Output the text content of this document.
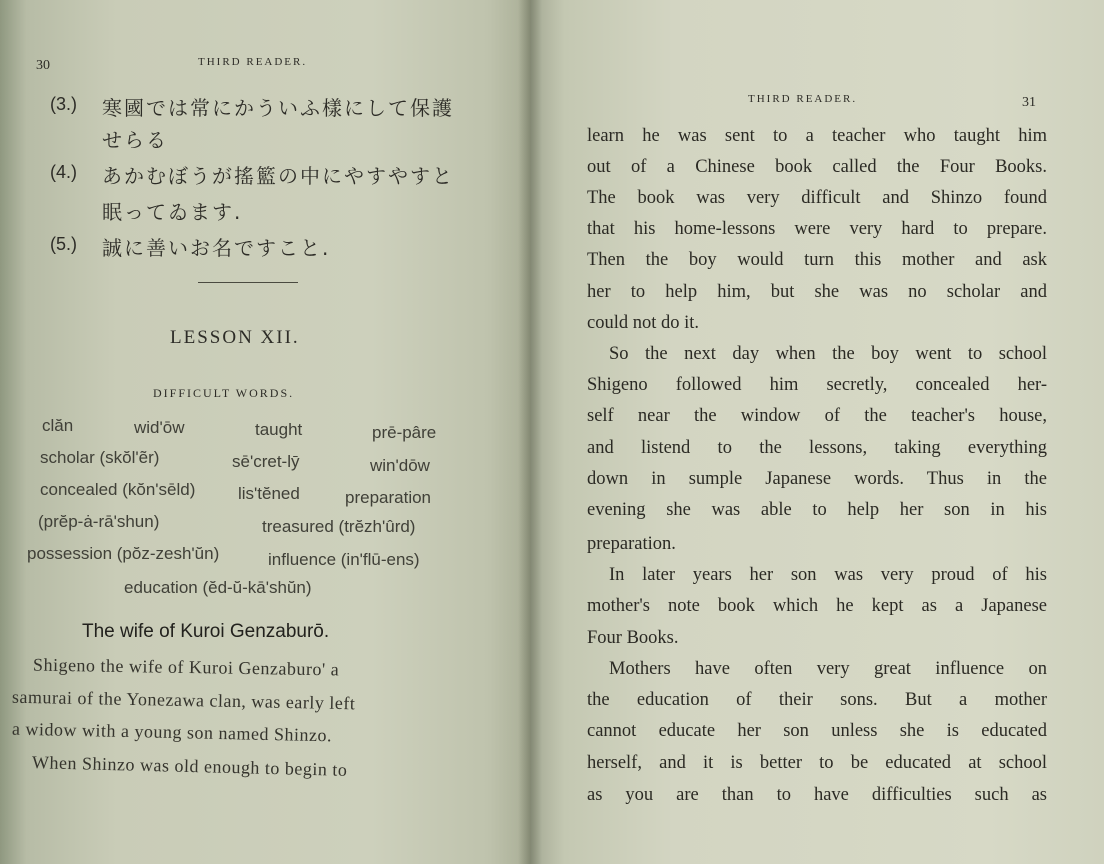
30	THIRD READER.
(3.) 寒國では常にかういふ樣にして保護
せらる
(4.) あかむぼうが搖籃の中にやすやすと
眠ってゐます.
(5.) 誠に善いお名ですこと.
LESSON XII.
DIFFICULT WORDS.
clăn	wid'ōw	taught	prē-pâre
scholar (skŏl'ẽr)	sē'cret-lȳ	win'dōw
concealed (kŏn'sēld)	lis'tĕned	preparation
(prĕp-ȧ-rā'shun)	treasured (trĕzh'ûrd)
possession (pŏz-zesh'ŭn)	influence (in'flū-ens)
education (ĕd-ŭ-kā'shŭn)
The wife of Kuroi Genzaburō.
Shigeno the wife of Kuroi Genzaburo' a
samurai of the Yonezawa clan, was early left
a widow with a young son named Shinzo.
When Shinzo was old enough to begin to
THIRD READER.	31
learn he was sent to a teacher who taught him
out of a Chinese book called the Four Books.
The book was very difficult and Shinzo found
that his home-lessons were very hard to prepare.
Then the boy would turn this mother and ask
her to help him, but she was no scholar and
could not do it.
So the next day when the boy went to school
Shigeno followed him secretly, concealed her-
self near the window of the teacher's house,
and listend to the lessons, taking everything
down in sumple Japanese words. Thus in the
evening she was able to help her son in his
preparation.
In later years her son was very proud of his
mother's note book which he kept as a Japanese
Four Books.
Mothers have often very great influence on
the education of their sons. But a mother
cannot educate her son unless she is educated
herself, and it is better to be educated at school
as you are than to have difficulties such as
